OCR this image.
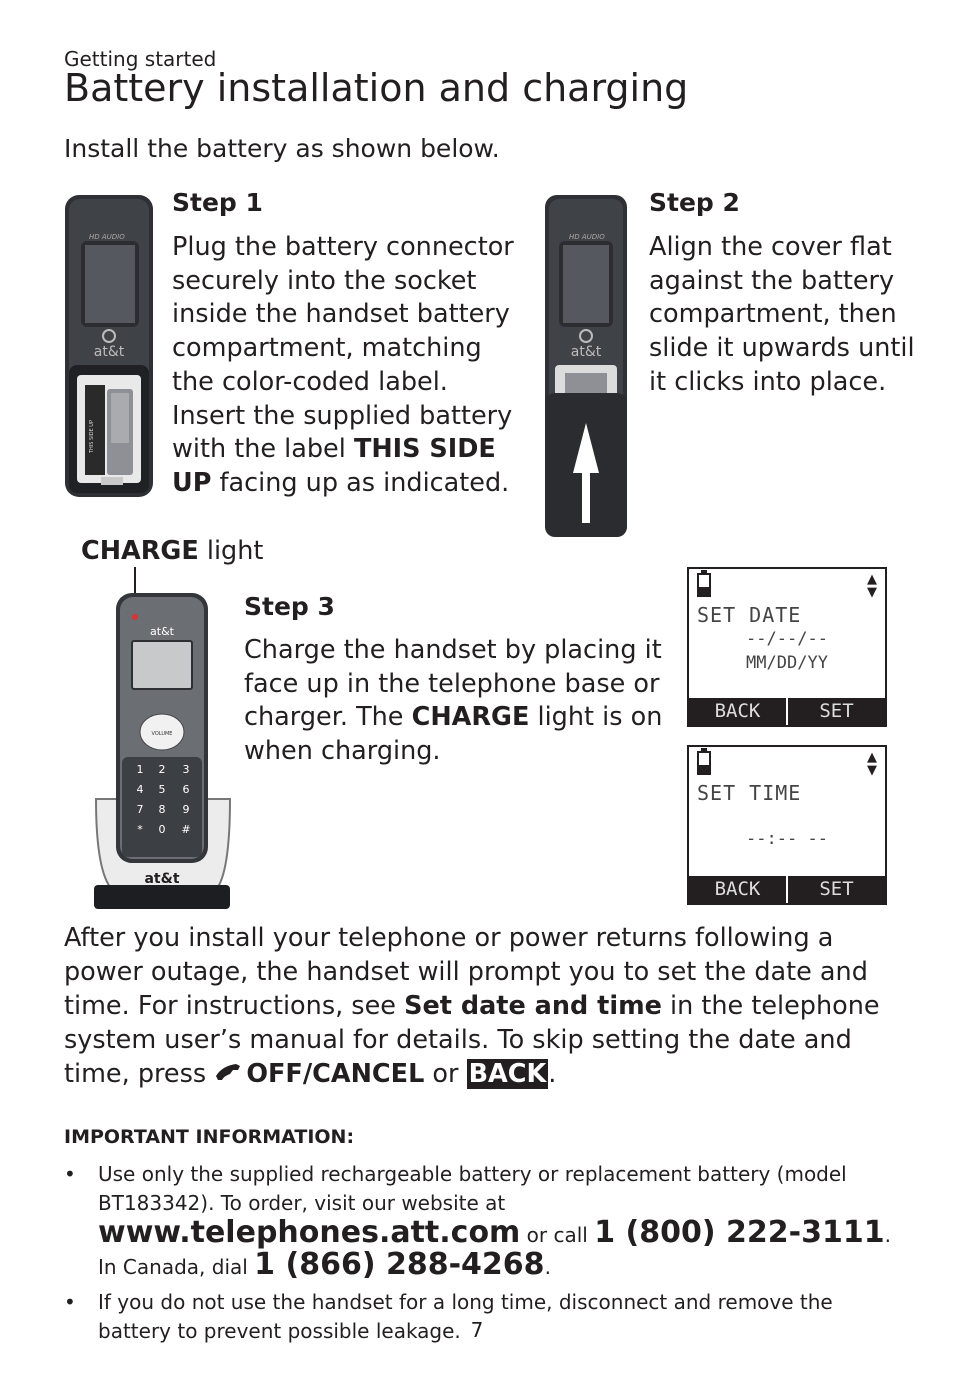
Getting started
Battery installation and charging
Install the battery as shown below.
HD AUDIO
at&t
THIS SIDE UP
Step 1
Plug the battery connector securely into the socket inside the handset battery compartment, matching the color-coded label. Insert the supplied battery with the label THIS SIDE UP facing up as indicated.
HD AUDIO
at&t
Step 2
Align the cover flat against the battery compartment, then slide it upwards until it clicks into place.
CHARGE light
at&t
at&t
VOLUME
1 2 3
4 5 6
7 8 9
* 0 #
Step 3
Charge the handset by placing it face up in the telephone base or charger. The CHARGE light is on when charging.
▲
▼
SET DATE
--/--/--
MM/DD/YY
BACK	SET
▲
▼
SET TIME
--:-- --
BACK	SET
After you install your telephone or power returns following a power outage, the handset will prompt you to set the date and time. For instructions, see Set date and time in the telephone system user’s manual for details. To skip setting the date and time, press OFF/CANCEL or BACK.
IMPORTANT INFORMATION:
• Use only the supplied rechargeable battery or replacement battery (model BT183342). To order, visit our website at www.telephones.att.com or call 1 (800) 222-3111. In Canada, dial 1 (866) 288-4268.
• If you do not use the handset for a long time, disconnect and remove the battery to prevent possible leakage. 7
